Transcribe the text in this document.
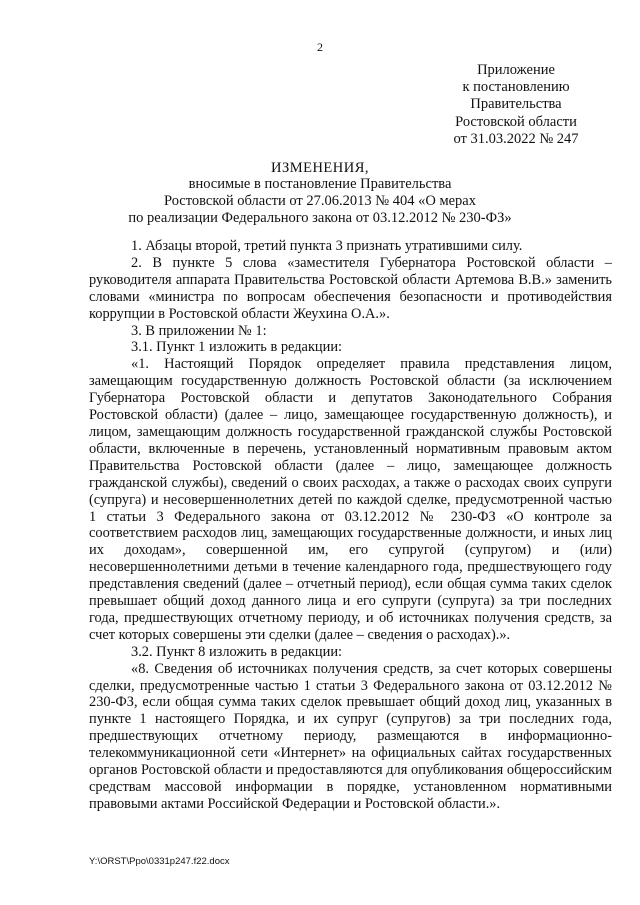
2
Приложение
к постановлению
Правительства
Ростовской области
от 31.03.2022 № 247
ИЗМЕНЕНИЯ,
вносимые в постановление Правительства
Ростовской области от 27.06.2013 № 404 «О мерах
по реализации Федерального закона от 03.12.2012 № 230-ФЗ»

1. Абзацы второй, третий пункта 3 признать утратившими силу.

2. В пункте 5 слова «заместителя Губернатора Ростовской области – руководителя аппарата Правительства Ростовской области Артемова В.В.» заменить словами «министра по вопросам обеспечения безопасности и противодействия коррупции в Ростовской области Жеухина О.А.».

3. В приложении № 1:

3.1. Пункт 1 изложить в редакции:

«1. Настоящий Порядок определяет правила представления лицом, замещающим государственную должность Ростовской области (за исключением Губернатора Ростовской области и депутатов Законодательного Собрания Ростовской области) (далее – лицо, замещающее государственную должность), и лицом, замещающим должность государственной гражданской службы Ростовской области, включенные в перечень, установленный нормативным правовым актом Правительства Ростовской области (далее – лицо, замещающее должность гражданской службы), сведений о своих расходах, а также о расходах своих супруги (супруга) и несовершеннолетних детей по каждой сделке, предусмотренной частью 1 статьи 3 Федерального закона от 03.12.2012 № 230-ФЗ «О контроле за соответствием расходов лиц, замещающих государственные должности, и иных лиц их доходам», совершенной им, его супругой (супругом) и (или) несовершеннолетними детьми в течение календарного года, предшествующего году представления сведений (далее – отчетный период), если общая сумма таких сделок превышает общий доход данного лица и его супруги (супруга) за три последних года, предшествующих отчетному периоду, и об источниках получения средств, за счет которых совершены эти сделки (далее – сведения о расходах).».

3.2. Пункт 8 изложить в редакции:

«8. Сведения об источниках получения средств, за счет которых совершены сделки, предусмотренные частью 1 статьи 3 Федерального закона от 03.12.2012 № 230-ФЗ, если общая сумма таких сделок превышает общий доход лиц, указанных в пункте 1 настоящего Порядка, и их супруг (супругов) за три последних года, предшествующих отчетному периоду, размещаются в информационно-телекоммуникационной сети «Интернет» на официальных сайтах государственных органов Ростовской области и предоставляются для опубликования общероссийским средствам массовой информации в порядке, установленном нормативными правовыми актами Российской Федерации и Ростовской области.».

Y:\ORST\Ppo\0331p247.f22.docx
